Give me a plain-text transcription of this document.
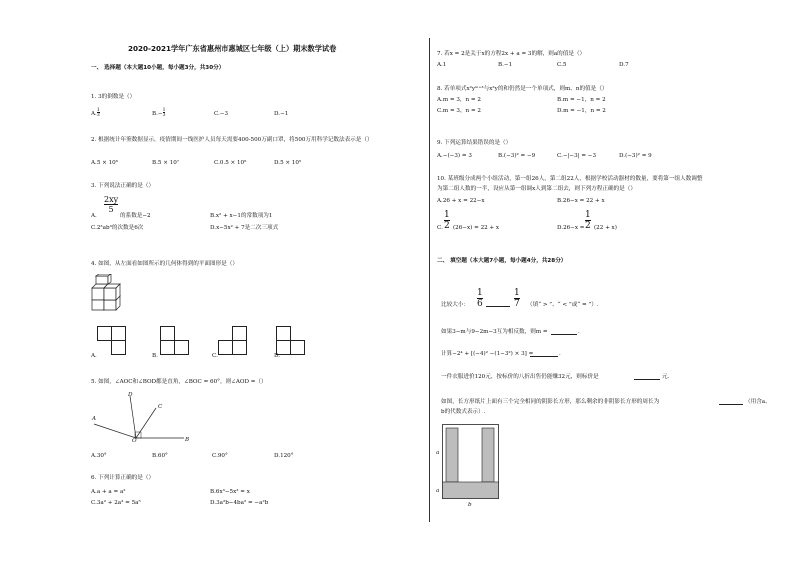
2020-2021学年广东省惠州市惠城区七年级（上）期末数学试卷
一、 选择题（本大题10小题，每小题3分，共30分）
1. 3的倒数是（）
A.1
3	B.−1
3	C.−3	D.−1
2. 根据统计年鉴数据显示，疫情期间一线医护人员每天需要400-500万副口罩，将500万用科学记数法表示是（）
A.5 × 10⁶	B.5 × 10⁷	C.0.5 × 10⁶	D.5 × 10⁵
3. 下列说法正确的是（）
$\frac{2xy}{5}$
A.	的系数是−2	B.x² + x−1的常数项为1
C.2³ab³的次数是6次	D.x−5x² + 7是二次三项式
4. 如图，从左面看如图所示的几何体得到的平面图形是（）
A.	B.	C.	D.
5. 如图，∠AOC和∠BOD都是直角，∠BOC = 60°，则∠AOD =（）
A
B
C
D
O
A.30°	B.60°	C.90°	D.120°
6. 下列计算正确的是（）
A.a + a = a²	B.6x³−5x² = x
C.3a² + 2a³ = 5a⁵	D.3a²b−4ba² = −a²b
7. 若x = 2是关于x的方程2x + a = 3的解，则a的值是（）
A.1	B.−1	C.5	D.7
8. 若单项式x²yᵐ⁺³与x²y的和仍然是一个单项式，则m、n的值是（）
A.m = 3，n = 2	B.m = −1，n = 2
C.m = 3，n = 2	D.m = −1，n = 2
9. 下列运算结果错误的是（）
A.−(−3) = 3	B.(−3)² = −9	C.−|−3| = −3	D.(−3)² = 9
10. 某班级分成两个小组活动，第一组26人，第二组22人，根据学校活动器材的数量，要将第一组人数调整
为第二组人数的一半，设应从第一组调x人到第二组去，则下列方程正确的是（）
A.26 + x = 22−x	B.26−x = 22 + x
C. $\frac{1}{2} (26-x) = 22 + x$	$D.26-x = \frac{1}{2} (22 + x)$
二、 填空题（本大题7小题，每小题4分，共28分）
比较大小： $\frac{1}{6}$	$\frac{1}{7}$ （填“ > ”、“ < ”或“ = ”）.
如果3−m与9−2m−3互为相反数，则m =	.
计算−2⁴ + [(−4)² −(1−3²) × 3] =	.
一件衣服进价120元，按标价的八折出售仍能赚32元，则标价是	元.
如图，长方形纸片上面有三个完全相同的阴影长方形，那么剩余的非阴影长方形的周长为	（用含a、
b的代数式表示）.
a
a
b
